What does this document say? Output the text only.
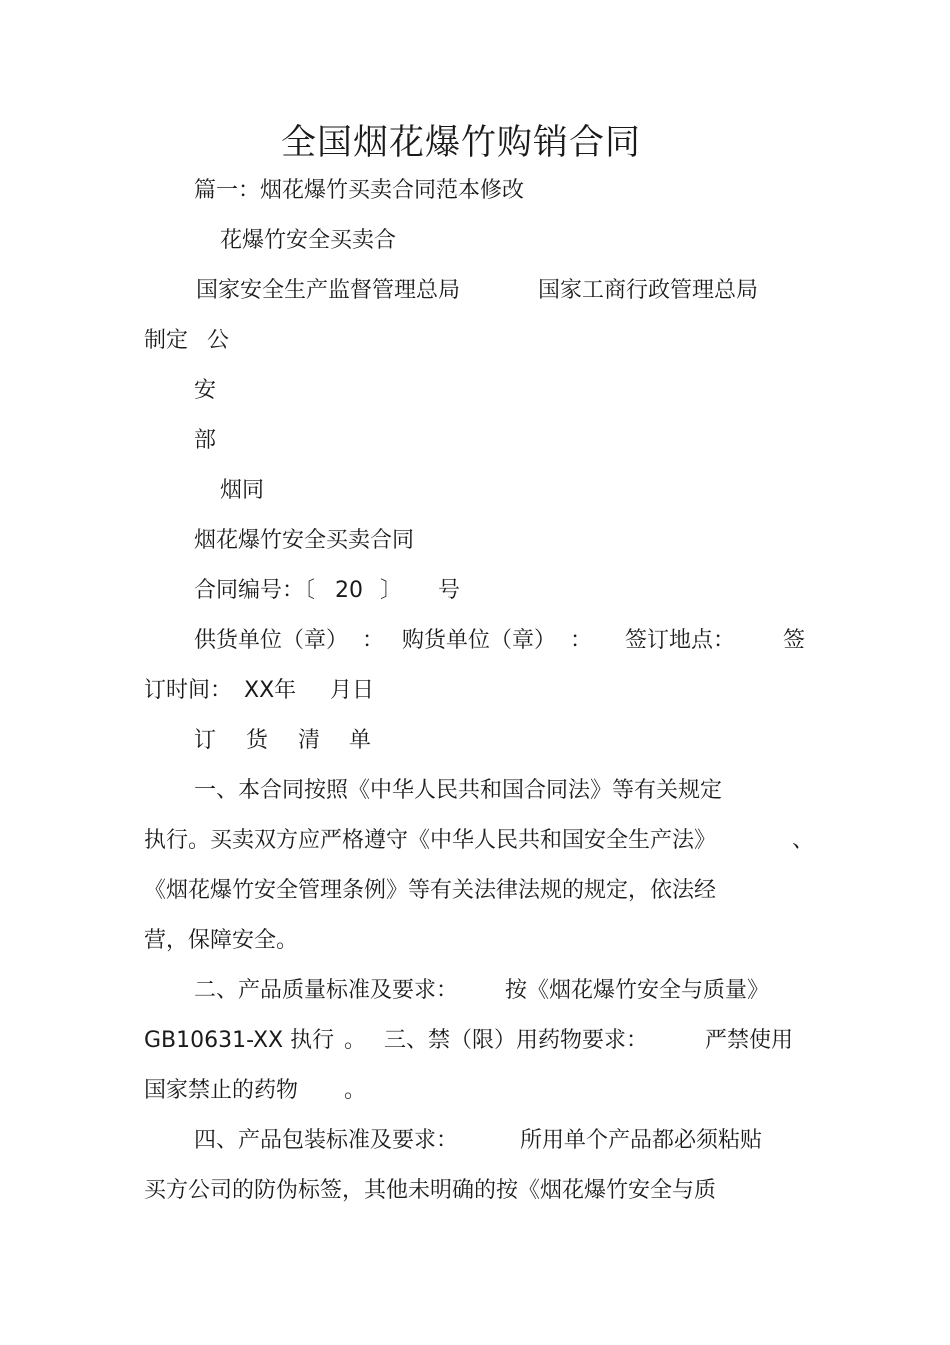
全国烟花爆竹购销合同
篇一：烟花爆竹买卖合同范本修改
花爆竹安全买卖合
国家安全生产监督管理总局	国家工商行政管理总局
制定 公
安
部
烟同
烟花爆竹安全买卖合同
合同编号：〔 20 〕 号
供货单位（章） ： 购货单位（章） ： 签订地点： 签
订时间： XX年 月日
订 货 清 单
一、本合同按照《中华人民共和国合同法》等有关规定
执行。买卖双方应严格遵守《中华人民共和国安全生产法》	、
《烟花爆竹安全管理条例》等有关法律法规的规定，依法经
营，保障安全。
二、产品质量标准及要求： 按《烟花爆竹安全与质量》
GB10631-XX 执行 。 三、禁（限）用药物要求：	严禁使用
国家禁止的药物 。
四、产品包装标准及要求：	所用单个产品都必须粘贴
买方公司的防伪标签，其他未明确的按《烟花爆竹安全与质
